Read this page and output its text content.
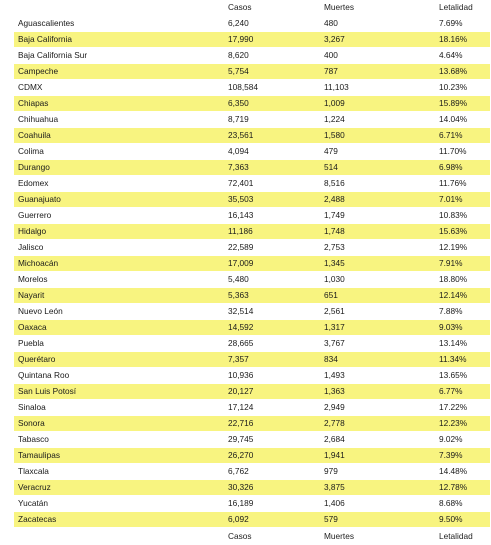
	Casos	Muertes	Letalidad
Aguascalientes	6,240	480	7.69%
Baja California	17,990	3,267	18.16%
Baja California Sur	8,620	400	4.64%
Campeche	5,754	787	13.68%
CDMX	108,584	11,103	10.23%
Chiapas	6,350	1,009	15.89%
Chihuahua	8,719	1,224	14.04%
Coahuila	23,561	1,580	6.71%
Colima	4,094	479	11.70%
Durango	7,363	514	6.98%
Edomex	72,401	8,516	11.76%
Guanajuato	35,503	2,488	7.01%
Guerrero	16,143	1,749	10.83%
Hidalgo	11,186	1,748	15.63%
Jalisco	22,589	2,753	12.19%
Michoacán	17,009	1,345	7.91%
Morelos	5,480	1,030	18.80%
Nayarit	5,363	651	12.14%
Nuevo León	32,514	2,561	7.88%
Oaxaca	14,592	1,317	9.03%
Puebla	28,665	3,767	13.14%
Querétaro	7,357	834	11.34%
Quintana Roo	10,936	1,493	13.65%
San Luis Potosí	20,127	1,363	6.77%
Sinaloa	17,124	2,949	17.22%
Sonora	22,716	2,778	12.23%
Tabasco	29,745	2,684	9.02%
Tamaulipas	26,270	1,941	7.39%
Tlaxcala	6,762	979	14.48%
Veracruz	30,326	3,875	12.78%
Yucatán	16,189	1,406	8.68%
Zacatecas	6,092	579	9.50%
	Casos	Muertes	Letalidad
